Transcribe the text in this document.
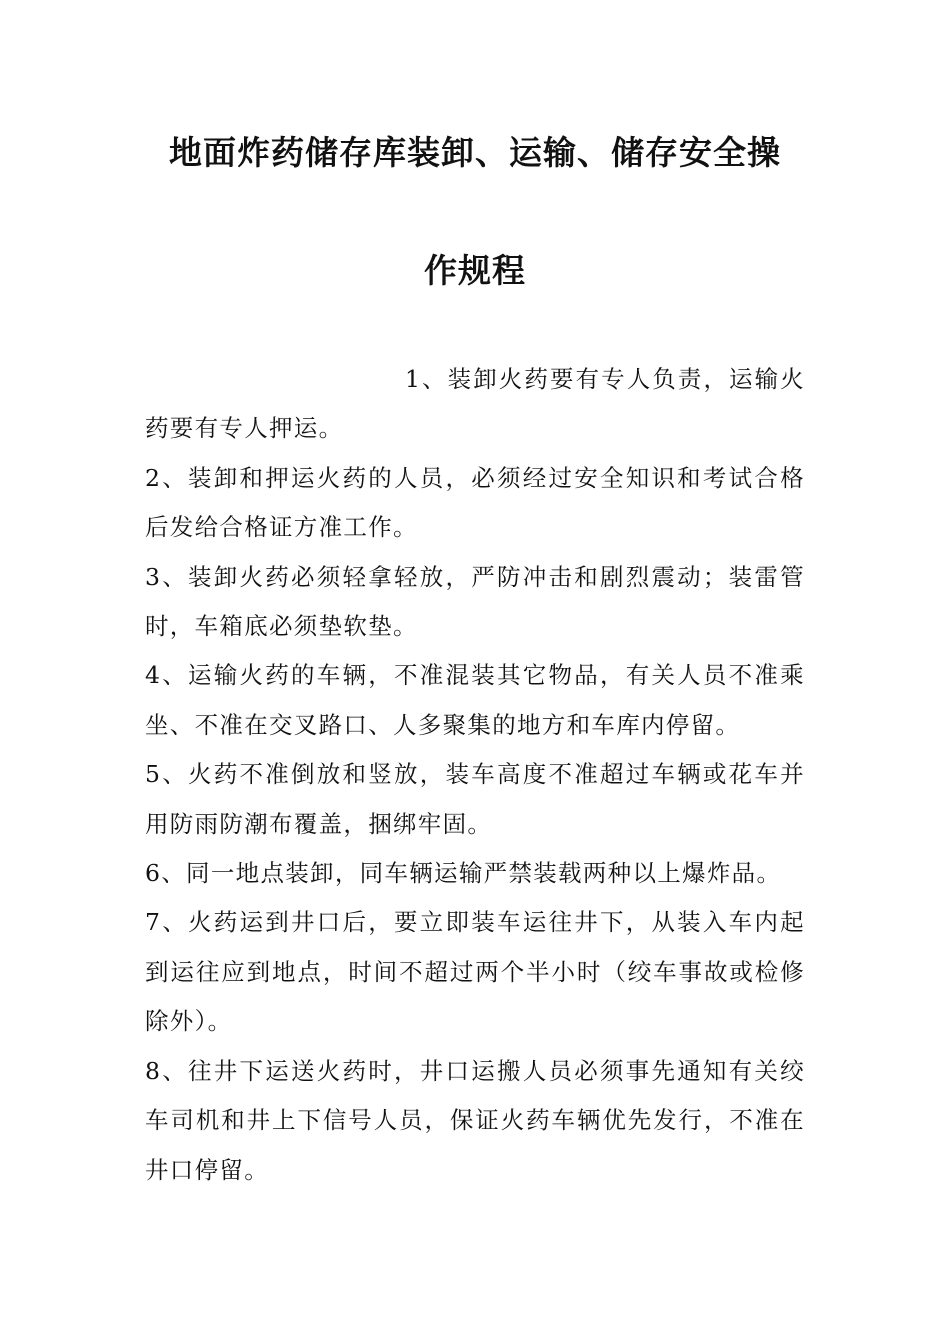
地面炸药储存库装卸、运输、储存安全操
作规程

1、装卸火药要有专人负责，运输火药要有专人押运。

2、装卸和押运火药的人员，必须经过安全知识和考试合格后发给合格证方准工作。

3、装卸火药必须轻拿轻放，严防冲击和剧烈震动；装雷管时，车箱底必须垫软垫。

4、运输火药的车辆，不准混装其它物品，有关人员不准乘坐、不准在交叉路口、人多聚集的地方和车库内停留。

5、火药不准倒放和竖放，装车高度不准超过车辆或花车并用防雨防潮布覆盖，捆绑牢固。

6、同一地点装卸，同车辆运输严禁装载两种以上爆炸品。

7、火药运到井口后，要立即装车运往井下，从装入车内起到运往应到地点，时间不超过两个半小时（绞车事故或检修除外）。

8、往井下运送火药时，井口运搬人员必须事先通知有关绞车司机和井上下信号人员，保证火药车辆优先发行，不准在井口停留。
